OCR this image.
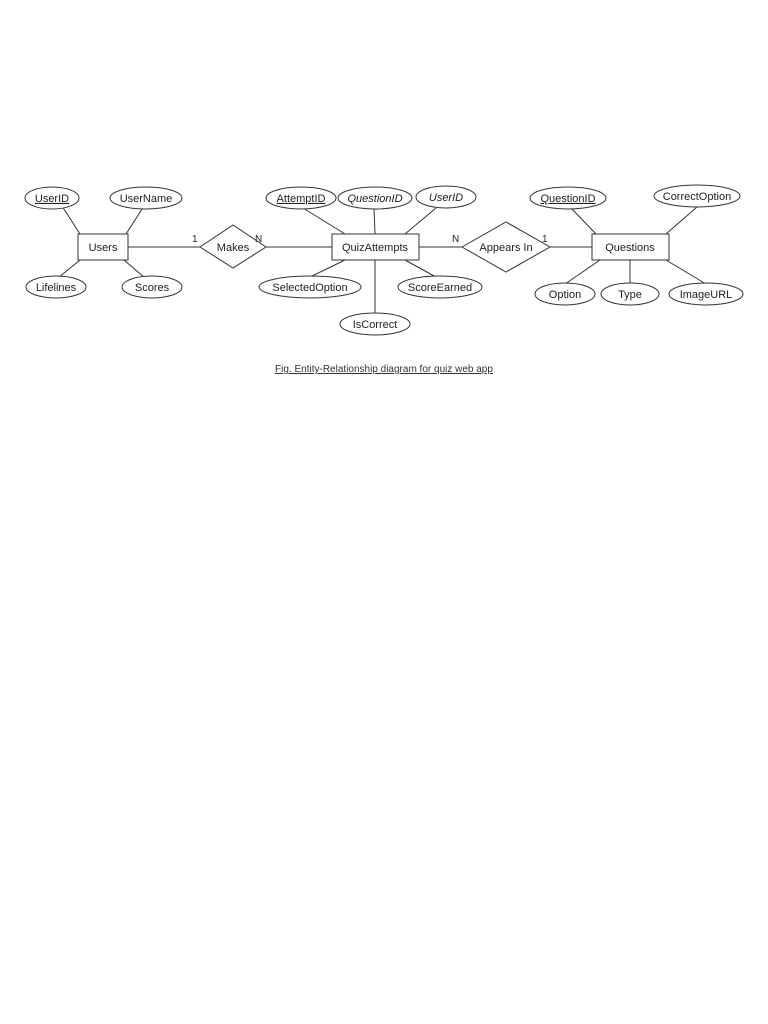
Users	QuizAttempts	Questions
Makes	Appears In
1	N	N	1
UserID	UserName
Lifelines	Scores
AttemptID QuestionID UserID
SelectedOption	ScoreEarned
IsCorrect
QuestionID	CorrectOption
Option	Type	ImageURL
Fig. Entity-Relationship diagram for quiz web app
